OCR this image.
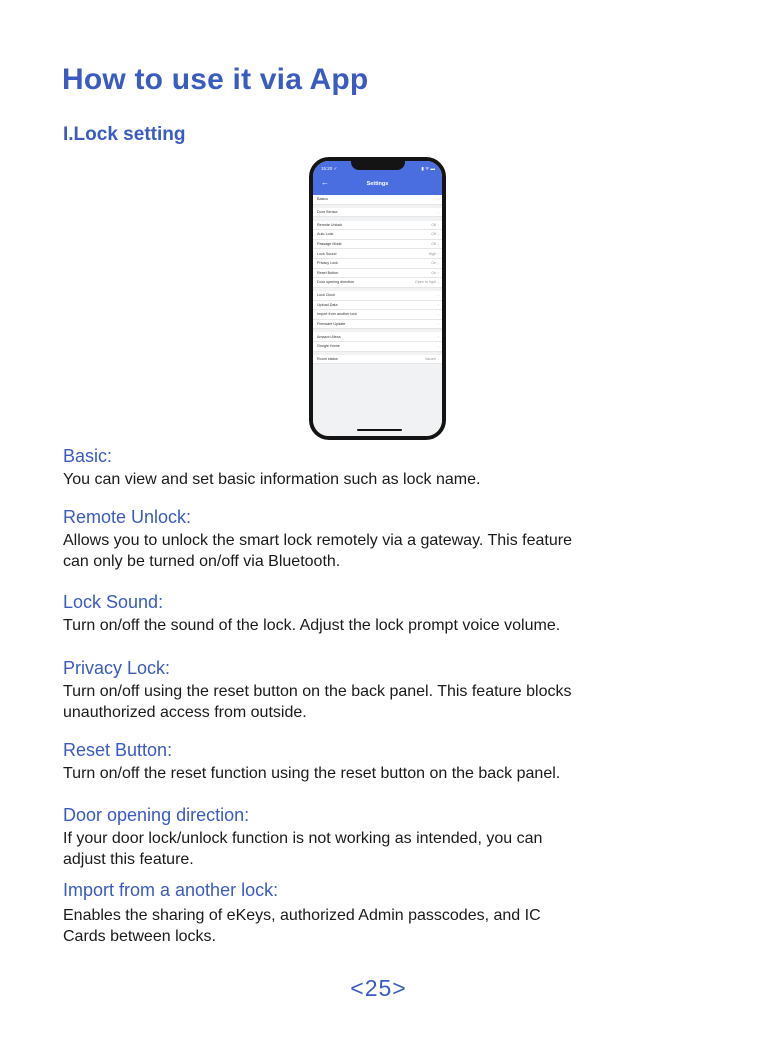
How to use it via App
I.Lock setting
15:20 ✓	▮ ᯤ ▬
←	Settings
Basics	›
Door Sensor	›
Remote Unlock	Off ›
Auto Lock	Off ›
Passage Mode	Off ›
Lock Sound	High ›
Privacy Lock	On ›
Reset Button	On ›
Door opening direction	Open to right ›
Lock Clock	›
Upload Data	›
Import from another lock	›
Firmware Update	›
Amazon Alexa	›
Google Home	›
Room status	Vacant ›
Basic:

You can view and set basic information such as lock name.

Remote Unlock:

Allows you to unlock the smart lock remotely via a gateway. This feature
can only be turned on/off via Bluetooth.

Lock Sound:

Turn on/off the sound of the lock. Adjust the lock prompt voice volume.

Privacy Lock:

Turn on/off using the reset button on the back panel. This feature blocks
unauthorized access from outside.

Reset Button:

Turn on/off the reset function using the reset button on the back panel.

Door opening direction:

If your door lock/unlock function is not working as intended, you can
adjust this feature.

Import from a another lock:

Enables the sharing of eKeys, authorized Admin passcodes, and IC
Cards between locks.

<25>
